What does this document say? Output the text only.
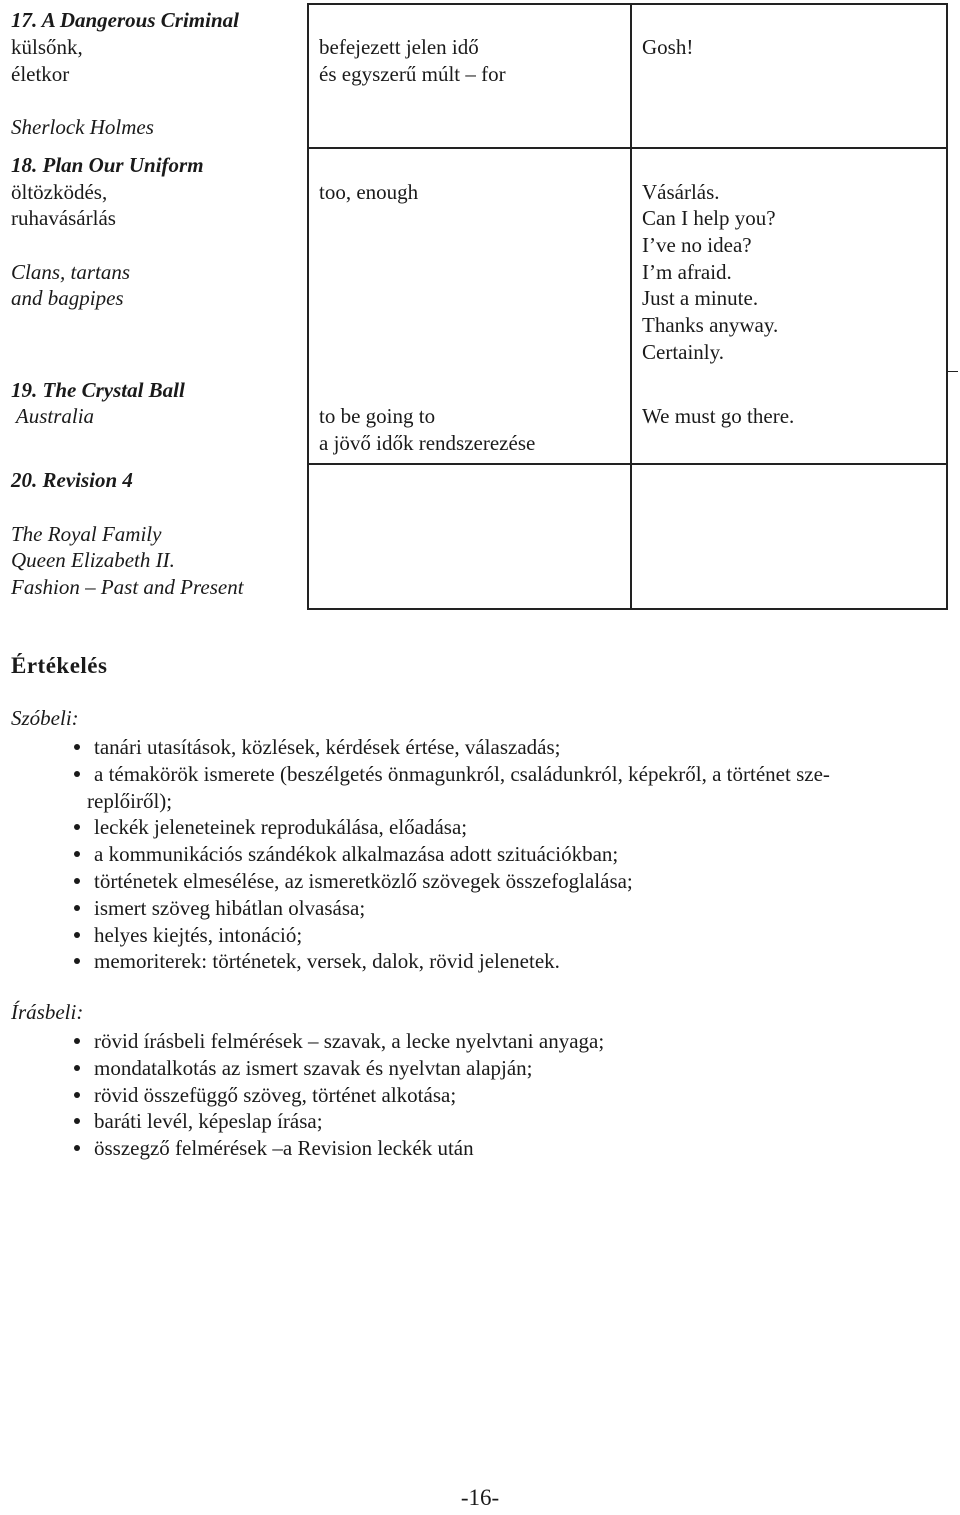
17. A Dangerous Criminal
külsőnk,
életkor
Sherlock Holmes
befejezett jelen idő
és egyszerű múlt – for
Gosh!
18. Plan Our Uniform
öltözködés,
ruhavásárlás
Clans, tartans
and bagpipes
too, enough	Vásárlás.
Can I help you?
I’ve no idea?
I’m afraid.
Just a minute.
Thanks anyway.
Certainly.
19. The Crystal Ball
Australia	to be going to
a jövő idők rendszerezése
We must go there.
20. Revision 4
The Royal Family
Queen Elizabeth II.
Fashion – Past and Present
Értékelés
Szóbeli:
tanári utasítások, közlések, kérdések értése, válaszadás;
a témakörök ismerete (beszélgetés önmagunkról, családunkról, képekről, a történet sze-
replőiről);
leckék jeleneteinek reprodukálása, előadása;
a kommunikációs szándékok alkalmazása adott szituációkban;
történetek elmesélése, az ismeretközlő szövegek összefoglalása;
ismert szöveg hibátlan olvasása;
helyes kiejtés, intonáció;
memoriterek: történetek, versek, dalok, rövid jelenetek.
Írásbeli:
rövid írásbeli felmérések – szavak, a lecke nyelvtani anyaga;
mondatalkotás az ismert szavak és nyelvtan alapján;
rövid összefüggő szöveg, történet alkotása;
baráti levél, képeslap írása;
összegző felmérések –a Revision leckék után
-16-
